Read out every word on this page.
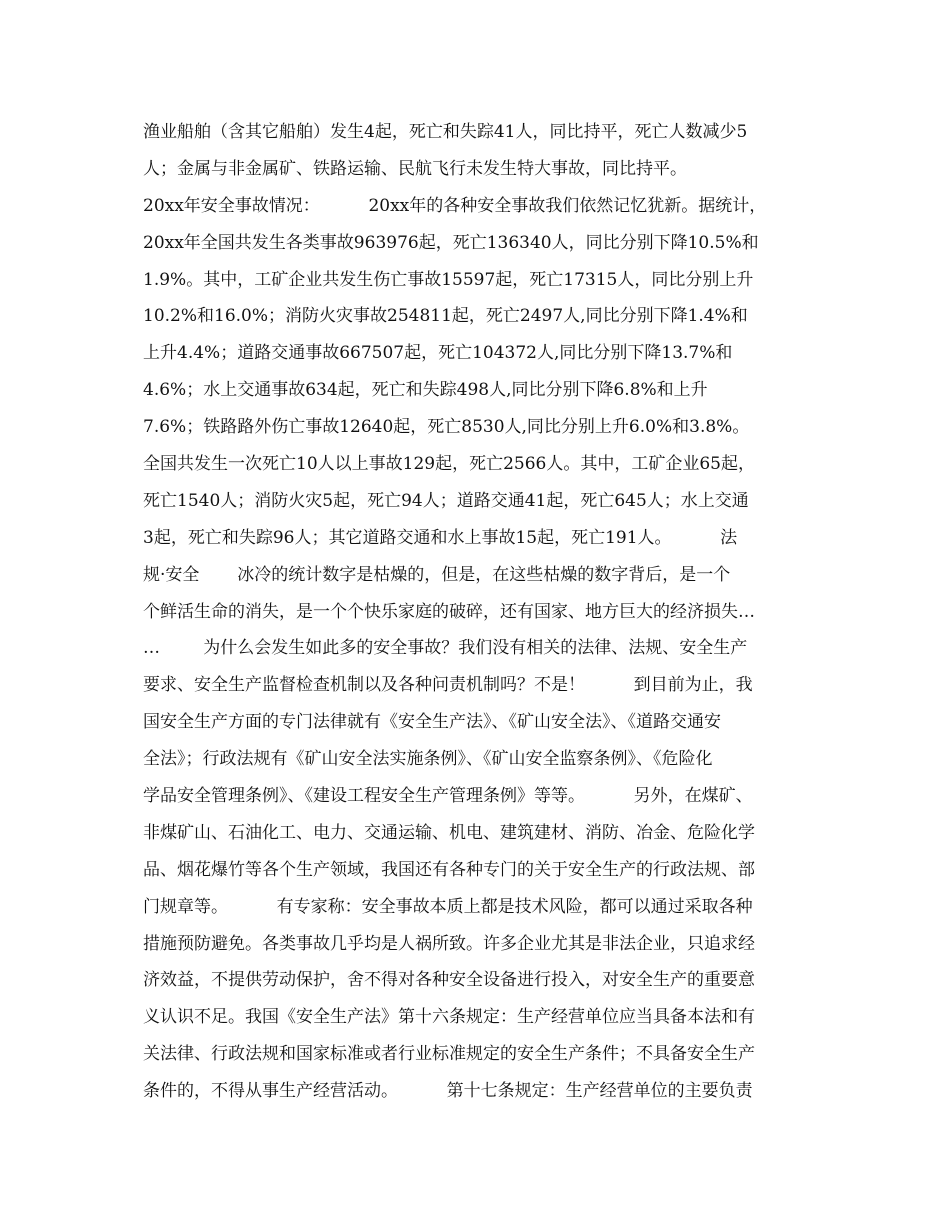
渔业船舶（含其它船舶）发生4起，死亡和失踪41人，同比持平，死亡人数减少5
人；金属与非金属矿、铁路运输、民航飞行未发生特大事故，同比持平。
20xx年安全事故情况：         20xx年的各种安全事故我们依然记忆犹新。据统计，
20xx年全国共发生各类事故963976起，死亡136340人，同比分别下降10.5%和
1.9%。其中，工矿企业共发生伤亡事故15597起，死亡17315人，同比分别上升
10.2%和16.0%；消防火灾事故254811起，死亡2497人,同比分别下降1.4%和
上升4.4%；道路交通事故667507起，死亡104372人,同比分别下降13.7%和
4.6%；水上交通事故634起，死亡和失踪498人,同比分别下降6.8%和上升
7.6%；铁路路外伤亡事故12640起，死亡8530人,同比分别上升6.0%和3.8%。
全国共发生一次死亡10人以上事故129起，死亡2566人。其中，工矿企业65起，
死亡1540人；消防火灾5起，死亡94人；道路交通41起，死亡645人；水上交通
3起，死亡和失踪96人；其它道路交通和水上事故15起，死亡191人。         法
规·安全       冰冷的统计数字是枯燥的，但是，在这些枯燥的数字背后，是一个
个鲜活生命的消失，是一个个快乐家庭的破碎，还有国家、地方巨大的经济损失…
…        为什么会发生如此多的安全事故？我们没有相关的法律、法规、安全生产
要求、安全生产监督检查机制以及各种问责机制吗？不是！         到目前为止，我
国安全生产方面的专门法律就有《安全生产法》、《矿山安全法》、《道路交通安
全法》；行政法规有《矿山安全法实施条例》、《矿山安全监察条例》、《危险化
学品安全管理条例》、《建设工程安全生产管理条例》等等。         另外，在煤矿、
非煤矿山、石油化工、电力、交通运输、机电、建筑建材、消防、冶金、危险化学
品、烟花爆竹等各个生产领域，我国还有各种专门的关于安全生产的行政法规、部
门规章等。         有专家称：安全事故本质上都是技术风险，都可以通过采取各种
措施预防避免。各类事故几乎均是人祸所致。许多企业尤其是非法企业，只追求经
济效益，不提供劳动保护，舍不得对各种安全设备进行投入，对安全生产的重要意
义认识不足。我国《安全生产法》第十六条规定：生产经营单位应当具备本法和有
关法律、行政法规和国家标准或者行业标准规定的安全生产条件；不具备安全生产
条件的，不得从事生产经营活动。         第十七条规定：生产经营单位的主要负责
